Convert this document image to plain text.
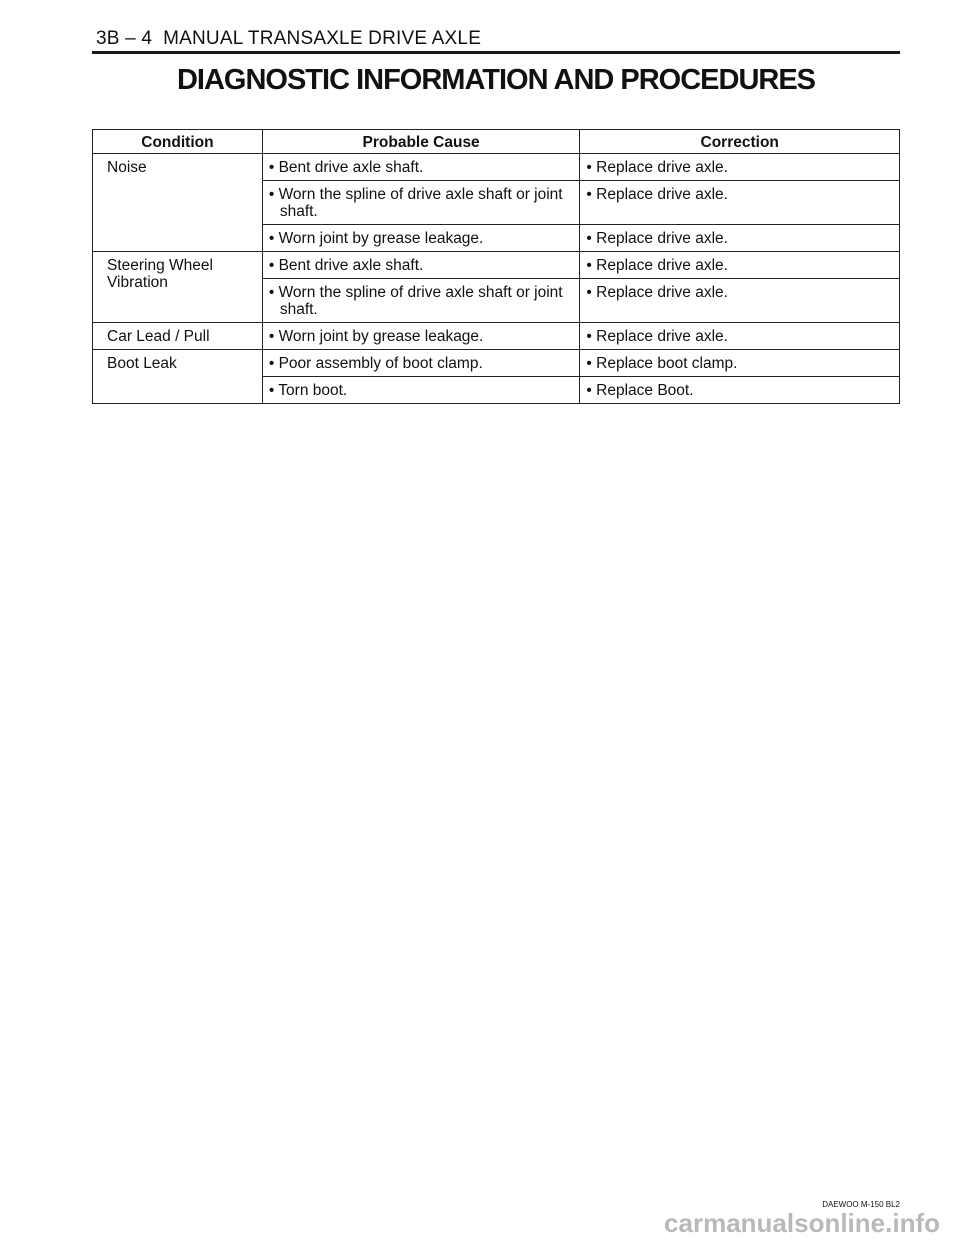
3B – 4 MANUAL TRANSAXLE DRIVE AXLE
DIAGNOSTIC INFORMATION AND PROCEDURES
Condition	Probable Cause	Correction
Noise	• Bent drive axle shaft.	• Replace drive axle.

	• Worn the spline of drive axle shaft or joint shaft.	• Replace drive axle.

	• Worn joint by grease leakage.	• Replace drive axle.

Steering Wheel Vibration	• Bent drive axle shaft.	• Replace drive axle.

	• Worn the spline of drive axle shaft or joint shaft.	• Replace drive axle.

Car Lead / Pull	• Worn joint by grease leakage.	• Replace drive axle.

Boot Leak	• Poor assembly of boot clamp.	• Replace boot clamp.

	• Torn boot.	• Replace Boot.
DAEWOO M-150 BL2
carmanualsonline.info
